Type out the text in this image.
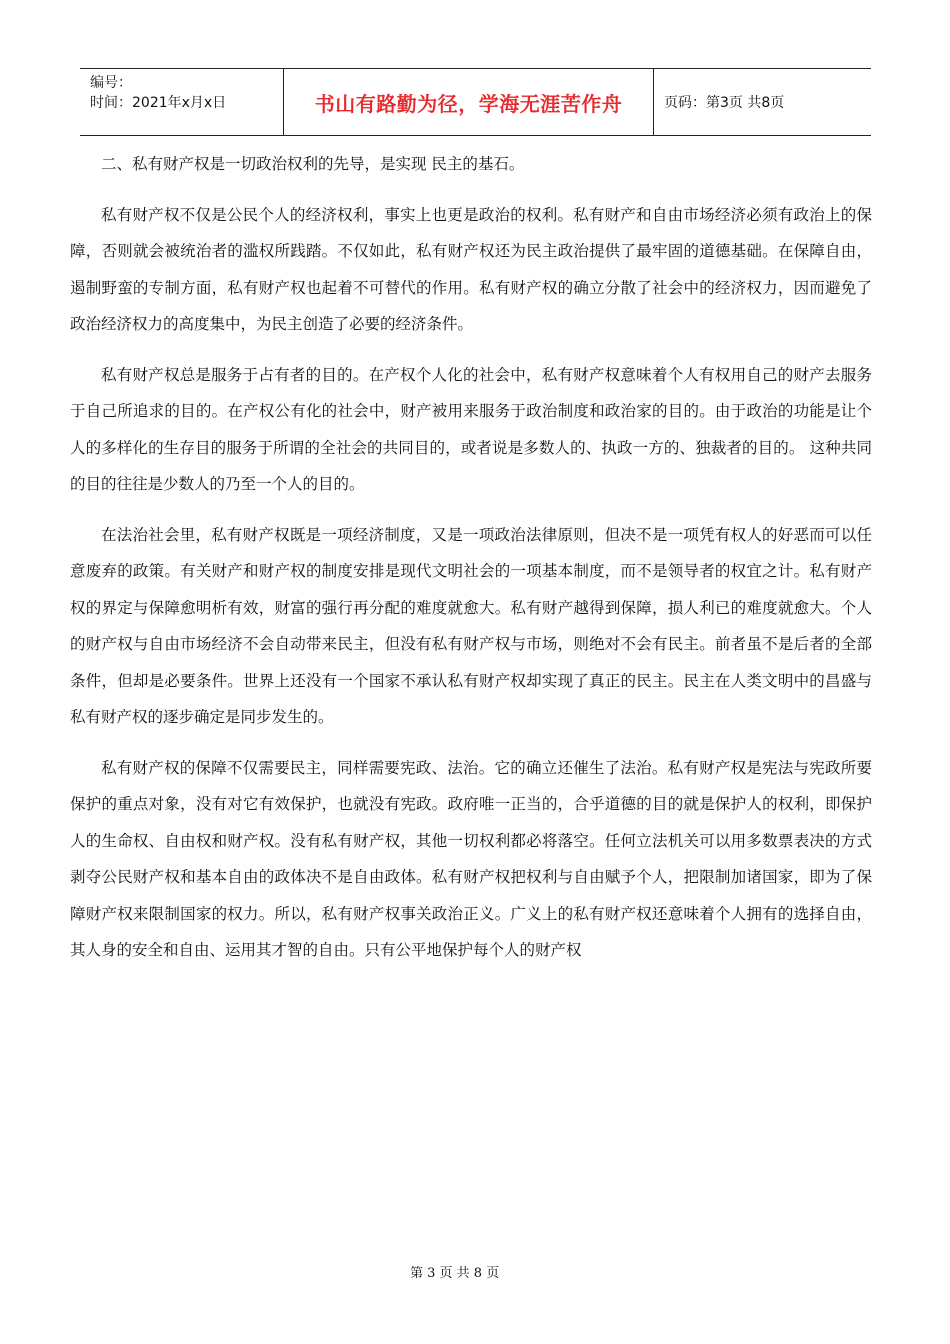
编号：
时间：2021年x月x日	书山有路勤为径，学海无涯苦作舟	页码：第3页 共8页

二、私有财产权是一切政治权利的先导，是实现 民主的基石。

私有财产权不仅是公民个人的经济权利，事实上也更是政治的权利。私有财产和自由市场经济必须有政治上的保障，否则就会被统治者的滥权所践踏。不仅如此，私有财产权还为民主政治提供了最牢固的道德基础。在保障自由，遏制野蛮的专制方面，私有财产权也起着不可替代的作用。私有财产权的确立分散了社会中的经济权力，因而避免了政治经济权力的高度集中，为民主创造了必要的经济条件。

私有财产权总是服务于占有者的目的。在产权个人化的社会中，私有财产权意味着个人有权用自己的财产去服务于自己所追求的目的。在产权公有化的社会中，财产被用来服务于政治制度和政治家的目的。由于政治的功能是让个人的多样化的生存目的服务于所谓的全社会的共同目的，或者说是多数人的、执政一方的、独裁者的目的。 这种共同的目的往往是少数人的乃至一个人的目的。

在法治社会里，私有财产权既是一项经济制度，又是一项政治法律原则，但决不是一项凭有权人的好恶而可以任意废弃的政策。有关财产和财产权的制度安排是现代文明社会的一项基本制度，而不是领导者的权宜之计。私有财产权的界定与保障愈明析有效，财富的强行再分配的难度就愈大。私有财产越得到保障，损人利已的难度就愈大。个人的财产权与自由市场经济不会自动带来民主，但没有私有财产权与市场，则绝对不会有民主。前者虽不是后者的全部条件，但却是必要条件。世界上还没有一个国家不承认私有财产权却实现了真正的民主。民主在人类文明中的昌盛与私有财产权的逐步确定是同步发生的。

私有财产权的保障不仅需要民主，同样需要宪政、法治。它的确立还催生了法治。私有财产权是宪法与宪政所要保护的重点对象，没有对它有效保护，也就没有宪政。政府唯一正当的，合乎道德的目的就是保护人的权利，即保护人的生命权、自由权和财产权。没有私有财产权，其他一切权利都必将落空。任何立法机关可以用多数票表决的方式剥夺公民财产权和基本自由的政体决不是自由政体。私有财产权把权利与自由赋予个人，把限制加诸国家，即为了保障财产权来限制国家的权力。所以，私有财产权事关政治正义。广义上的私有财产权还意味着个人拥有的选择自由，其人身的安全和自由、运用其才智的自由。只有公平地保护每个人的财产权

第 3 页 共 8 页
